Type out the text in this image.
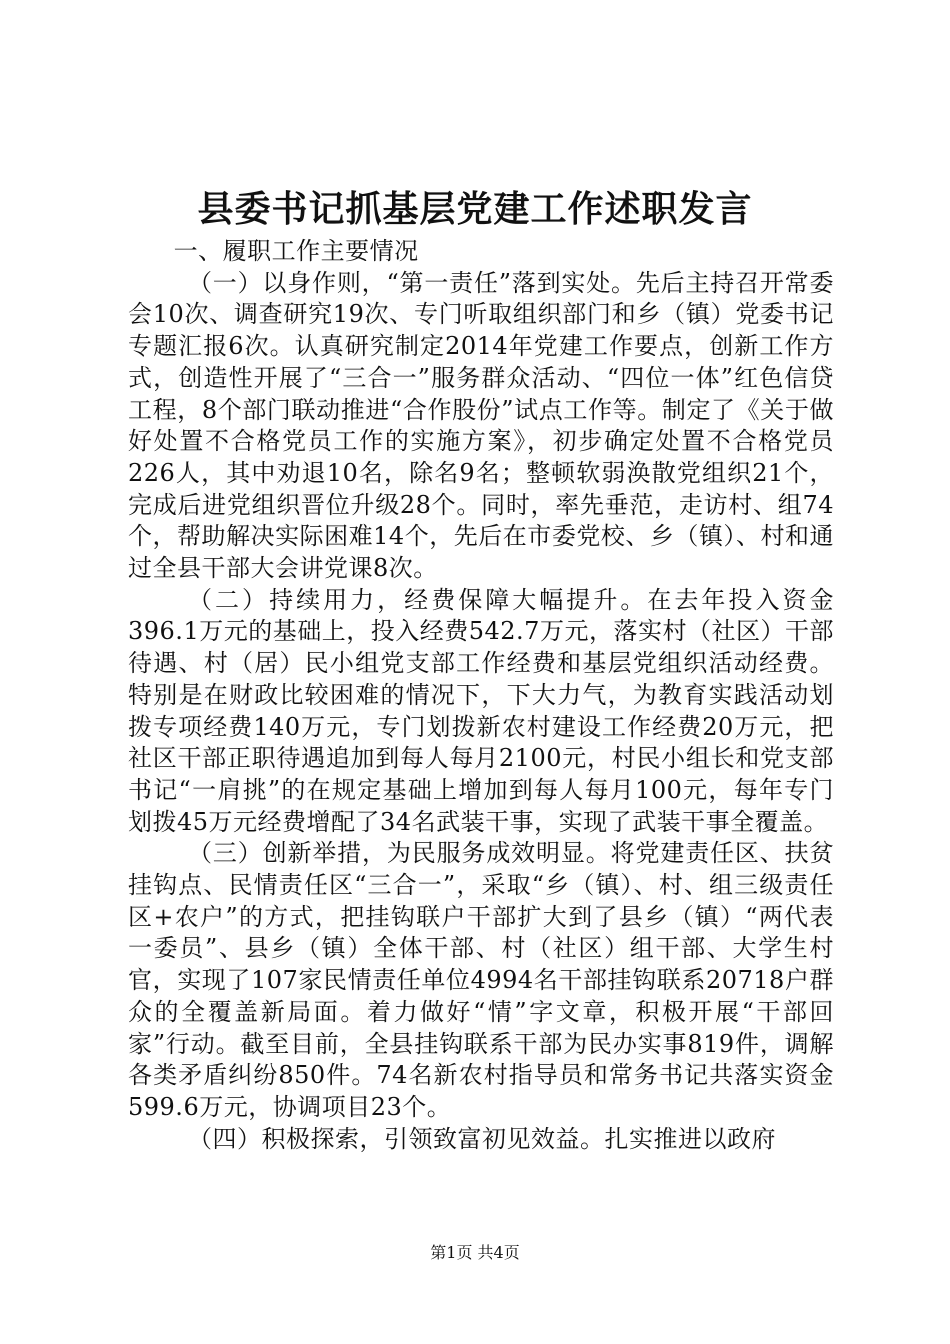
县委书记抓基层党建工作述职发言

一、履职工作主要情况

（一）以身作则，“第一责任”落到实处。先后主持召开常委会10次、调查研究19次、专门听取组织部门和乡（镇）党委书记专题汇报6次。认真研究制定2014年党建工作要点，创新工作方式，创造性开展了“三合一”服务群众活动、“四位一体”红色信贷工程，8个部门联动推进“合作股份”试点工作等。制定了《关于做好处置不合格党员工作的实施方案》，初步确定处置不合格党员226人，其中劝退10名，除名9名；整顿软弱涣散党组织21个，完成后进党组织晋位升级28个。同时，率先垂范，走访村、组74个，帮助解决实际困难14个，先后在市委党校、乡（镇）、村和通过全县干部大会讲党课8次。

（二）持续用力，经费保障大幅提升。在去年投入资金396.1万元的基础上，投入经费542.7万元，落实村（社区）干部待遇、村（居）民小组党支部工作经费和基层党组织活动经费。特别是在财政比较困难的情况下，下大力气，为教育实践活动划拨专项经费140万元，专门划拨新农村建设工作经费20万元，把社区干部正职待遇追加到每人每月2100元，村民小组长和党支部书记“一肩挑”的在规定基础上增加到每人每月100元，每年专门划拨45万元经费增配了34名武装干事，实现了武装干事全覆盖。

（三）创新举措，为民服务成效明显。将党建责任区、扶贫挂钩点、民情责任区“三合一”，采取“乡（镇）、村、组三级责任区+农户”的方式，把挂钩联户干部扩大到了县乡（镇）“两代表一委员”、县乡（镇）全体干部、村（社区）组干部、大学生村官，实现了107家民情责任单位4994名干部挂钩联系20718户群众的全覆盖新局面。着力做好“情”字文章，积极开展“干部回家”行动。截至目前，全县挂钩联系干部为民办实事819件，调解各类矛盾纠纷850件。74名新农村指导员和常务书记共落实资金599.6万元，协调项目23个。

（四）积极探索，引领致富初见效益。扎实推进以政府

第1页 共4页
